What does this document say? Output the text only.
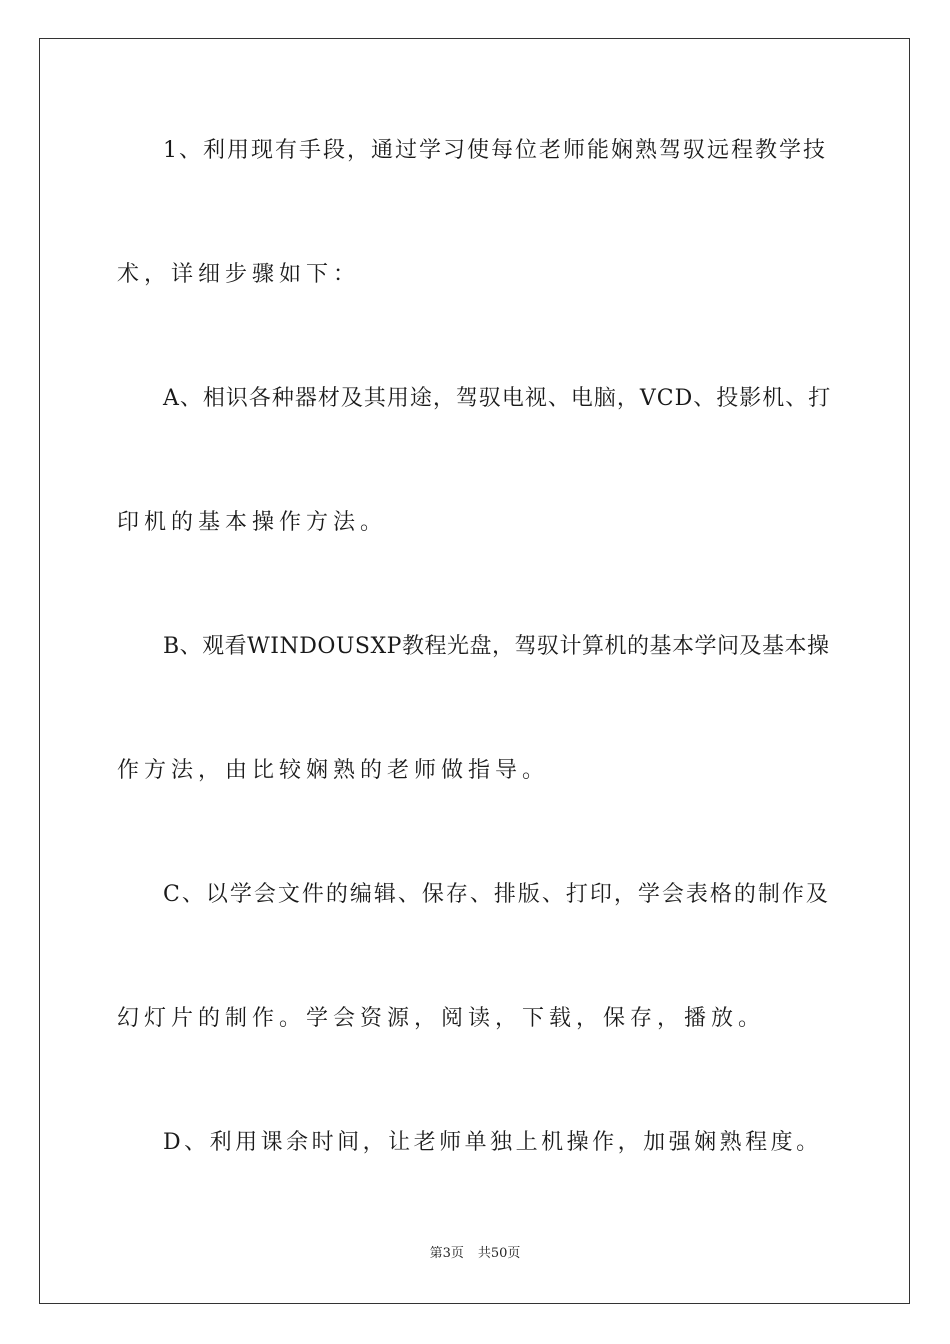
1、利用现有手段，通过学习使每位老师能娴熟驾驭远程教学技
术，详细步骤如下：
A、相识各种器材及其用途，驾驭电视、电脑，VCD、投影机、打
印机的基本操作方法。
B、观看WINDOUSXP教程光盘，驾驭计算机的基本学问及基本操
作方法，由比较娴熟的老师做指导。
C、以学会文件的编辑、保存、排版、打印，学会表格的制作及
幻灯片的制作。学会资源，阅读，下载，保存，播放。
D、利用课余时间，让老师单独上机操作，加强娴熟程度。
第3页 共50页
